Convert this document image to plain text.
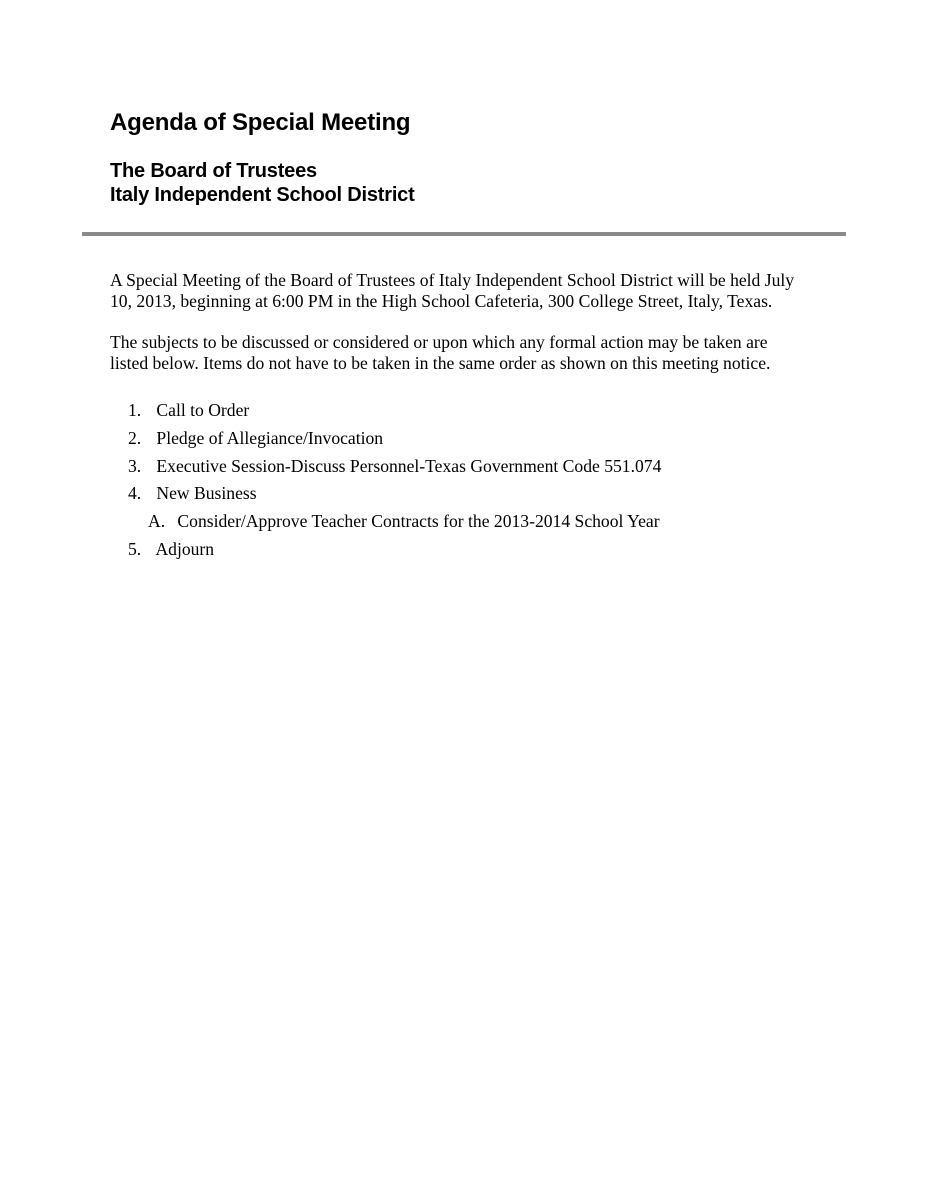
Agenda of Special Meeting
The Board of Trustees
Italy Independent School District
A Special Meeting of the Board of Trustees of Italy Independent School District will be held July
10, 2013, beginning at 6:00 PM in the High School Cafeteria, 300 College Street, Italy, Texas.
The subjects to be discussed or considered or upon which any formal action may be taken are
listed below. Items do not have to be taken in the same order as shown on this meeting notice.
1. Call to Order
2. Pledge of Allegiance/Invocation
3. Executive Session-Discuss Personnel-Texas Government Code 551.074
4. New Business
A. Consider/Approve Teacher Contracts for the 2013-2014 School Year
5. Adjourn
